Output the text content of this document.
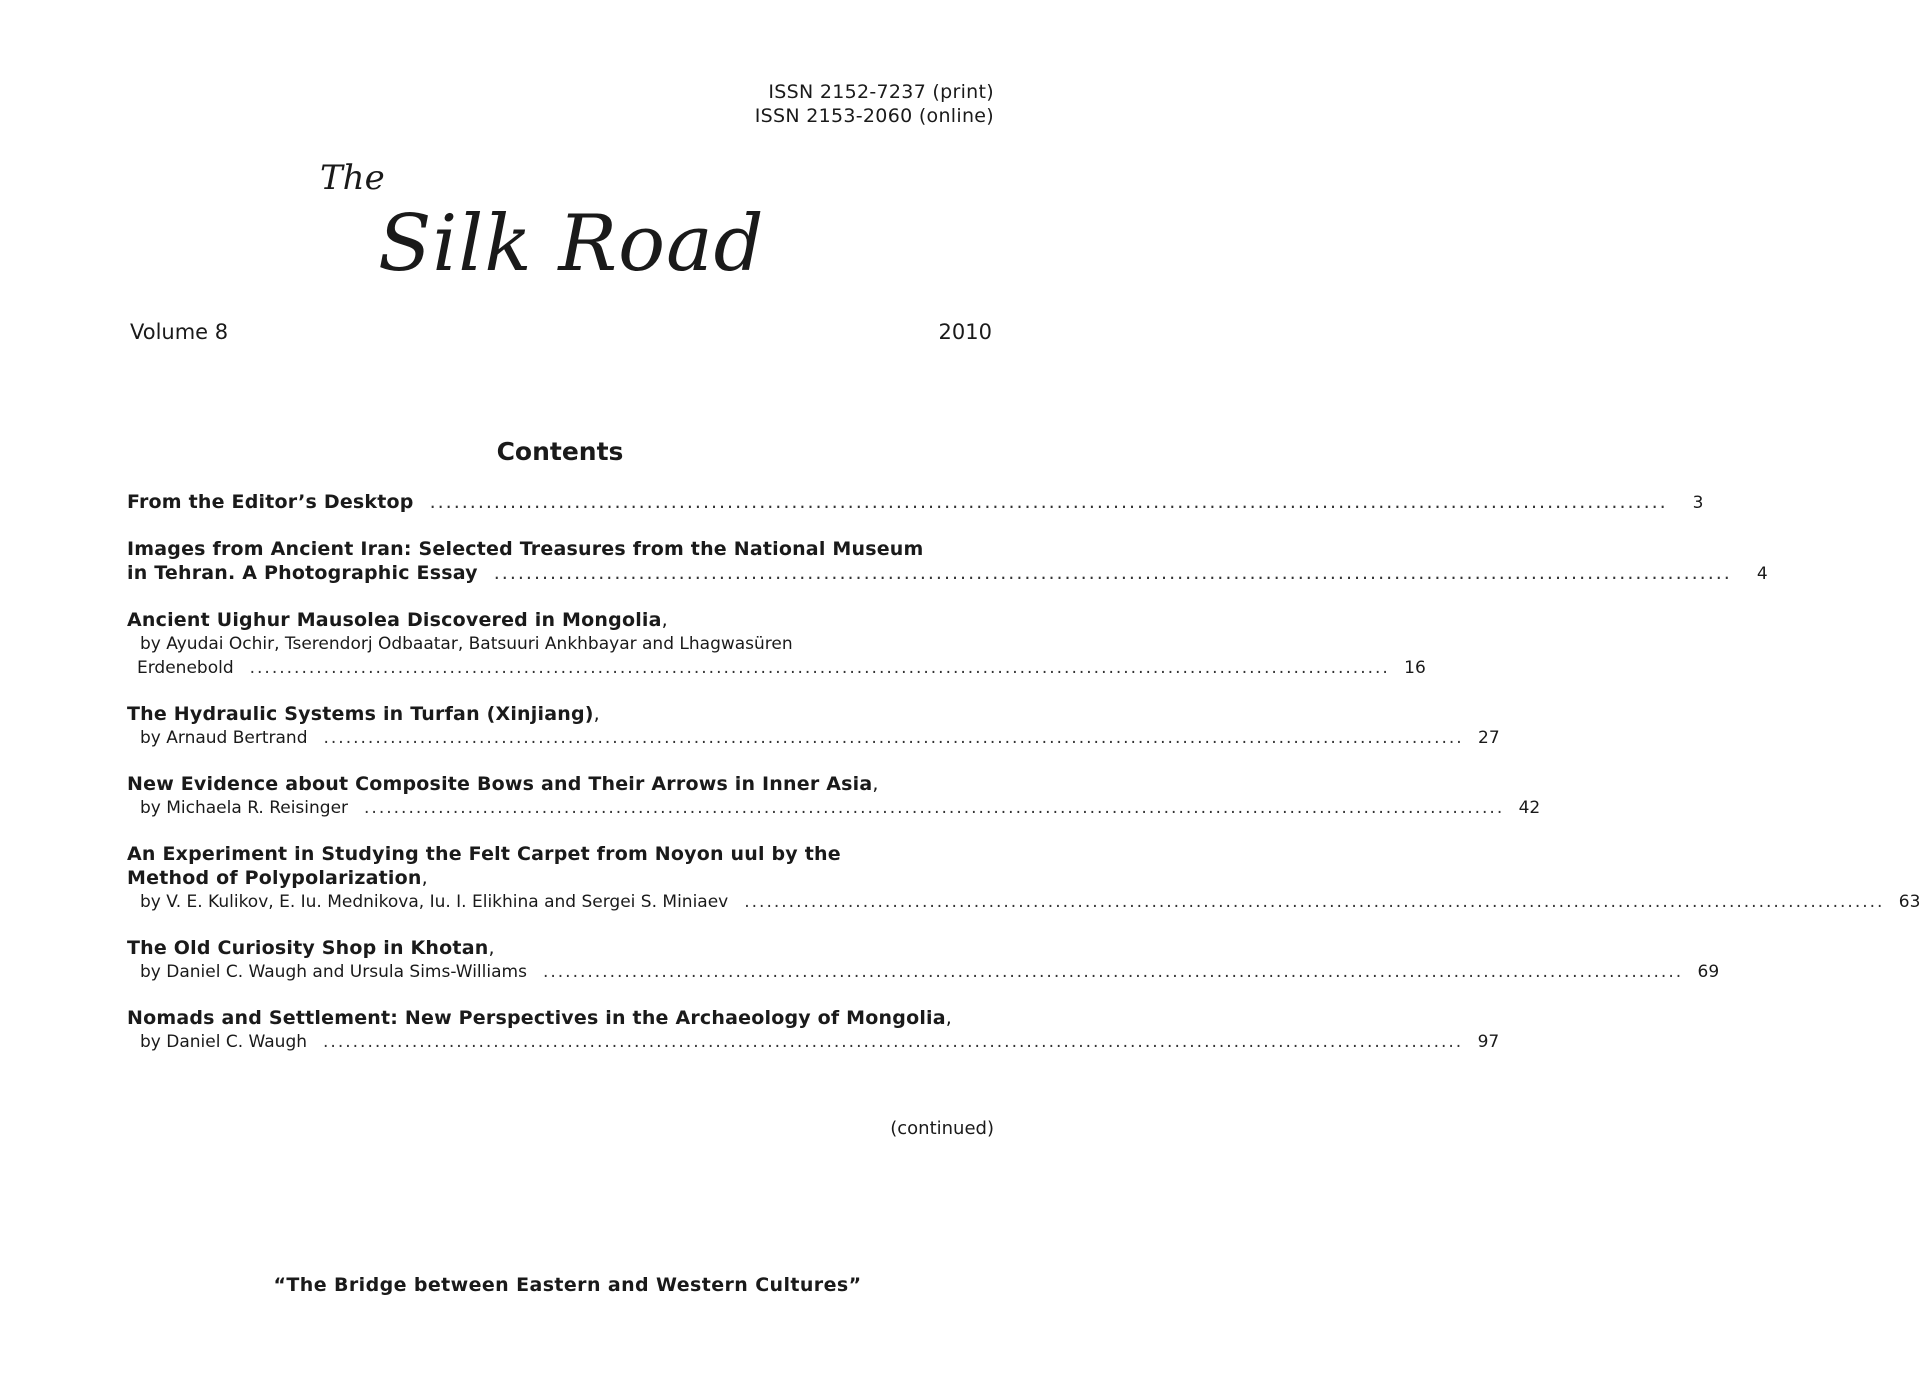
ISSN 2152-7237 (print)
ISSN 2153-2060 (online)
The
Silk Road
Volume 8	2010
Contents
From the Editor’s Desktop ..........................................................................................................................................................	3
Images from Ancient Iran: Selected Treasures from the National Museum
in Tehran. A Photographic Essay ..........................................................................................................................................................	4
Ancient Uighur Mausolea Discovered in Mongolia,
by Ayudai Ochir, Tserendorj Odbaatar, Batsuuri Ankhbayar and Lhagwasüren
Erdenebold .......................................................................................................................................................... 16
The Hydraulic Systems in Turfan (Xinjiang),
by Arnaud Bertrand .......................................................................................................................................................... 27
New Evidence about Composite Bows and Their Arrows in Inner Asia,
by Michaela R. Reisinger .......................................................................................................................................................... 42
An Experiment in Studying the Felt Carpet from Noyon uul by the
Method of Polypolarization,
by V. E. Kulikov, E. Iu. Mednikova, Iu. I. Elikhina and Sergei S. Miniaev .......................................................................................................................................................... 63
The Old Curiosity Shop in Khotan,
by Daniel C. Waugh and Ursula Sims-Williams .......................................................................................................................................................... 69
Nomads and Settlement: New Perspectives in the Archaeology of Mongolia,
by Daniel C. Waugh .......................................................................................................................................................... 97
(continued)
“The Bridge between Eastern and Western Cultures”
